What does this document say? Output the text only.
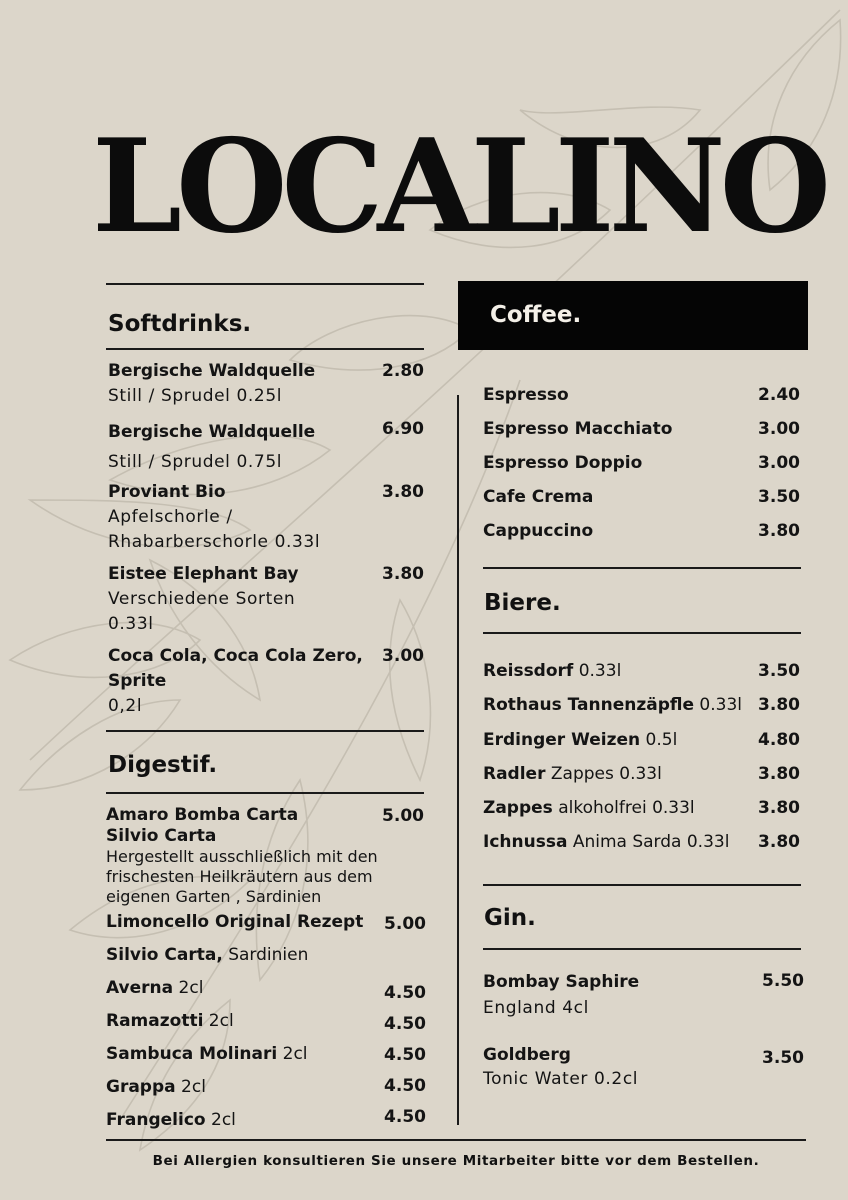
LOCALINO
Softdrinks.
Bergische Waldquelle
Still / Sprudel 0.25l
2.80
Bergische Waldquelle
Still / Sprudel 0.75l
6.90
Proviant Bio
Apfelschorle /
Rhabarberschorle 0.33l
3.80
Eistee Elephant Bay
Verschiedene Sorten
0.33l
3.80
Coca Cola, Coca Cola Zero,
Sprite
0,2l
3.00
Digestif.
Amaro Bomba Carta
Silvio Carta
Hergestellt ausschließlich mit den
frischesten Heilkräutern aus dem
eigenen Garten , Sardinien
5.00
Limoncello Original Rezept	5.00
Silvio Carta, Sardinien
Averna 2cl	4.50
Ramazotti 2cl	4.50
Sambuca Molinari 2cl	4.50
Grappa 2cl	4.50
Frangelico 2cl	4.50
Coffee.
Espresso	2.40
Espresso Macchiato	3.00
Espresso Doppio	3.00
Cafe Crema	3.50
Cappuccino	3.80
Biere.
Reissdorf 0.33l	3.50
Rothaus Tannenzäpfle 0.33l 3.80
Erdinger Weizen 0.5l	4.80
Radler Zappes 0.33l	3.80
Zappes alkoholfrei 0.33l	3.80
Ichnussa Anima Sarda 0.33l	3.80
Gin.
Bombay Saphire
England 4cl
5.50
Goldberg
Tonic Water 0.2cl
3.50
Bei Allergien konsultieren Sie unsere Mitarbeiter bitte vor dem Bestellen.
